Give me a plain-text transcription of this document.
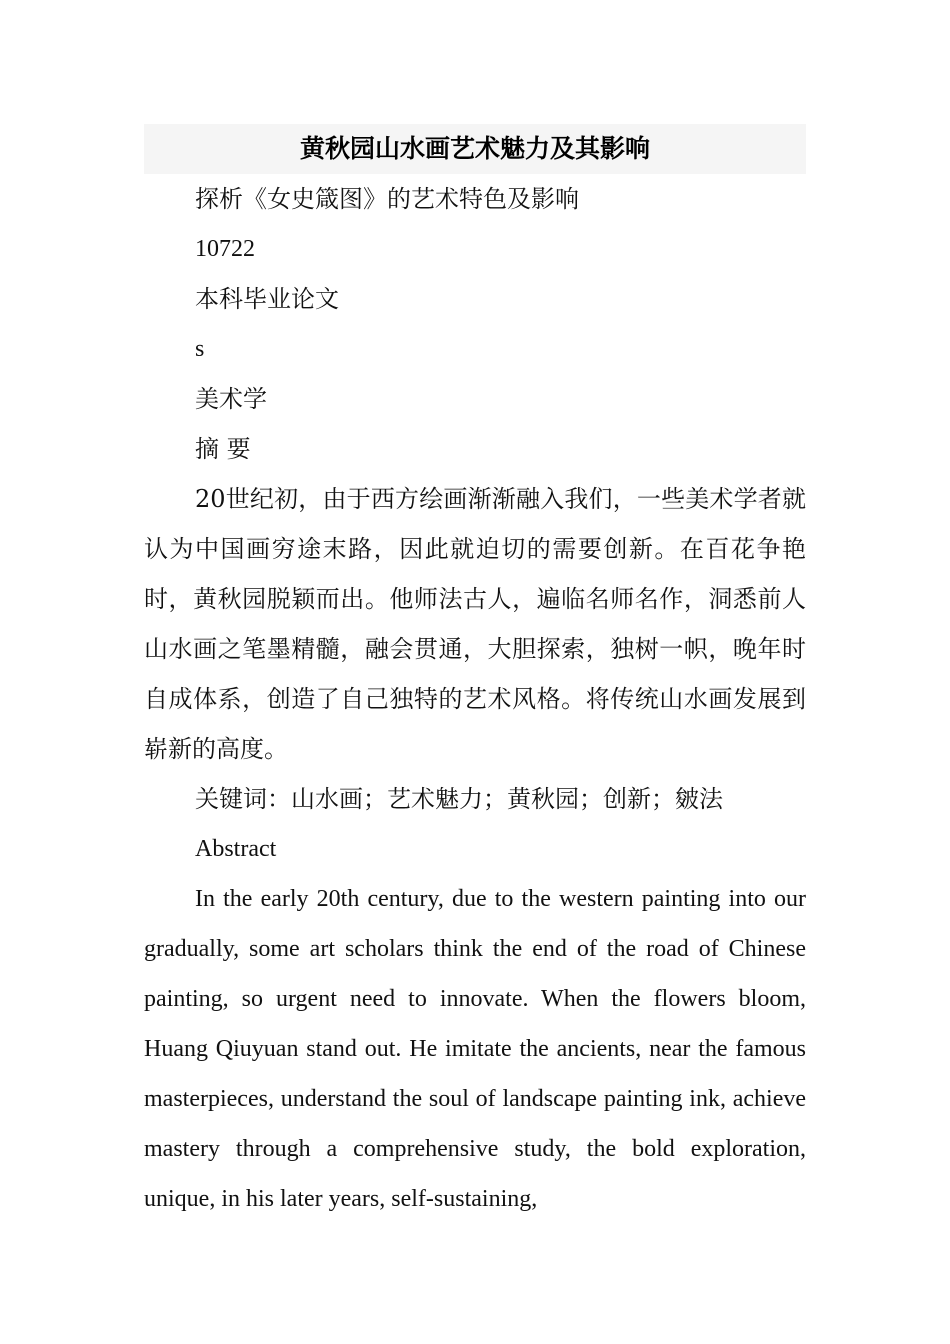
黄秋园山水画艺术魅力及其影响
探析《女史箴图》的艺术特色及影响
10722
本科毕业论文
s
美术学
摘 要

20世纪初，由于西方绘画渐渐融入我们，一些美术学者就认为中国画穷途末路，因此就迫切的需要创新。在百花争艳时，黄秋园脱颖而出。他师法古人，遍临名师名作，洞悉前人山水画之笔墨精髓，融会贯通，大胆探索，独树一帜，晚年时自成体系，创造了自己独特的艺术风格。将传统山水画发展到崭新的高度。

关键词：山水画；艺术魅力；黄秋园；创新；皴法
Abstract

In the early 20th century, due to the western painting into our gradually, some art scholars think the end of the road of Chinese painting, so urgent need to innovate. When the flowers bloom, Huang Qiuyuan stand out. He imitate the ancients, near the famous masterpieces, understand the soul of landscape painting ink, achieve mastery through a comprehensive study, the bold exploration, unique, in his later years, self-sustaining,
